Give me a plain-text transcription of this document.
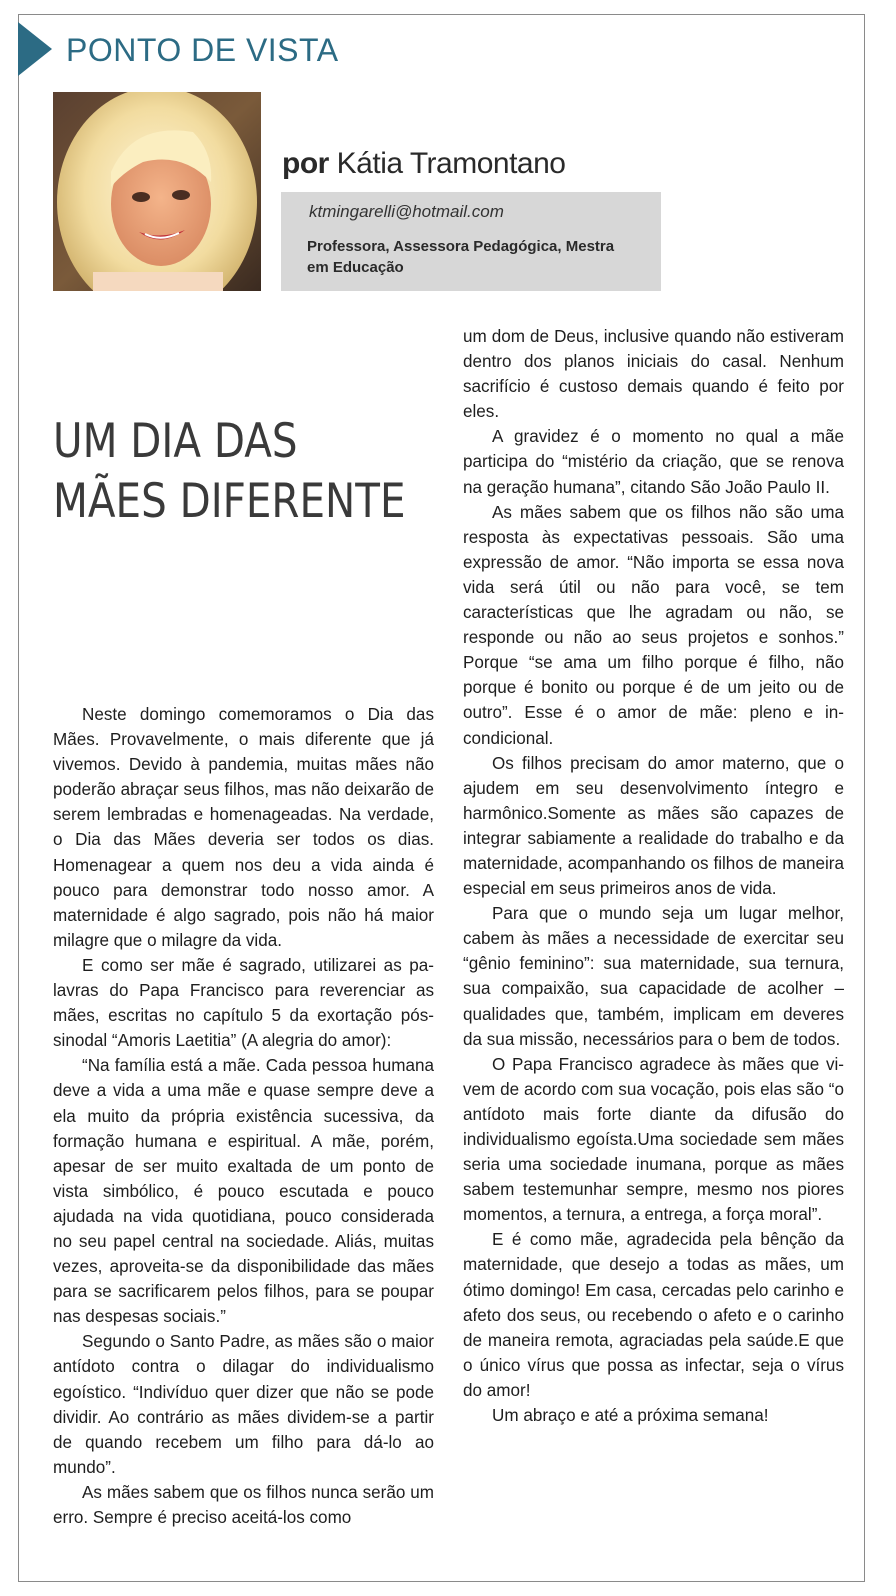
PONTO DE VISTA
por Kátia Tramontano
ktmingarelli@hotmail.com
Professora, Assessora Pedagógica, Mestra em Educação
UM DIA DAS
MÃES DIFERENTE

Neste domingo comemoramos o Dia das Mães. Provavelmente, o mais diferente que já vivemos. Devido à pandemia, muitas mães não poderão abraçar seus filhos, mas não deixarão de serem lembradas e homenageadas. Na verdade, o Dia das Mães deveria ser todos os dias. Homenagear a quem nos deu a vida ainda é pouco para demonstrar todo nosso amor. A maternidade é algo sagrado, pois não há maior milagre que o milagre da vida.

E como ser mãe é sagrado, utilizarei as palavras do Papa Francisco para reverenciar as mães, escritas no capítulo 5 da exortação pós-sinodal “Amoris Laetitia” (A alegria do amor):

“Na família está a mãe. Cada pessoa humana deve a vida a uma mãe e quase sempre deve a ela muito da própria existência sucessiva, da formação humana e espiritual. A mãe, porém, apesar de ser muito exaltada de um ponto de vista simbólico, é pouco escutada e pouco ajudada na vida quotidiana, pouco considerada no seu papel central na sociedade. Aliás, muitas vezes, aproveita-se da disponibilidade das mães para se sacrificarem pelos filhos, para se poupar nas despesas sociais.”

Segundo o Santo Padre, as mães são o maior antídoto contra o dilagar do individualismo egoístico. “Indivíduo quer dizer que não se pode dividir. Ao contrário as mães dividem-se a partir de quando recebem um filho para dá-lo ao mundo”.

As mães sabem que os filhos nunca serão um erro. Sempre é preciso aceitá-los como

um dom de Deus, inclusive quando não estiveram dentro dos planos iniciais do casal. Nenhum sacrifício é custoso demais quando é feito por eles.

A gravidez é o momento no qual a mãe participa do “mistério da criação, que se renova na geração humana”, citando São João Paulo II.

As mães sabem que os filhos não são uma resposta às expectativas pessoais. São uma expressão de amor. “Não importa se essa nova vida será útil ou não para você, se tem características que lhe agradam ou não, se responde ou não ao seus projetos e sonhos.” Porque “se ama um filho porque é filho, não porque é bonito ou porque é de um jeito ou de outro”. Esse é o amor de mãe: pleno e incondicional.

Os filhos precisam do amor materno, que o ajudem em seu desenvolvimento íntegro e harmônico.Somente as mães são capazes de integrar sabiamente a realidade do trabalho e da maternidade, acompanhando os filhos de maneira especial em seus primeiros anos de vida.

Para que o mundo seja um lugar melhor, cabem às mães a necessidade de exercitar seu “gênio feminino”: sua maternidade, sua ternura, sua compaixão, sua capacidade de acolher – qualidades que, também, implicam em deveres da sua missão, necessários para o bem de todos.

O Papa Francisco agradece às mães que vivem de acordo com sua vocação, pois elas são “o antídoto mais forte diante da difusão do individualismo egoísta.Uma sociedade sem mães seria uma sociedade inumana, porque as mães sabem testemunhar sempre, mesmo nos piores momentos, a ternura, a entrega, a força moral”.

E é como mãe, agradecida pela bênção da maternidade, que desejo a todas as mães, um ótimo domingo! Em casa, cercadas pelo carinho e afeto dos seus, ou recebendo o afeto e o carinho de maneira remota, agraciadas pela saúde.E que o único vírus que possa as infectar, seja o vírus do amor!

Um abraço e até a próxima semana!
